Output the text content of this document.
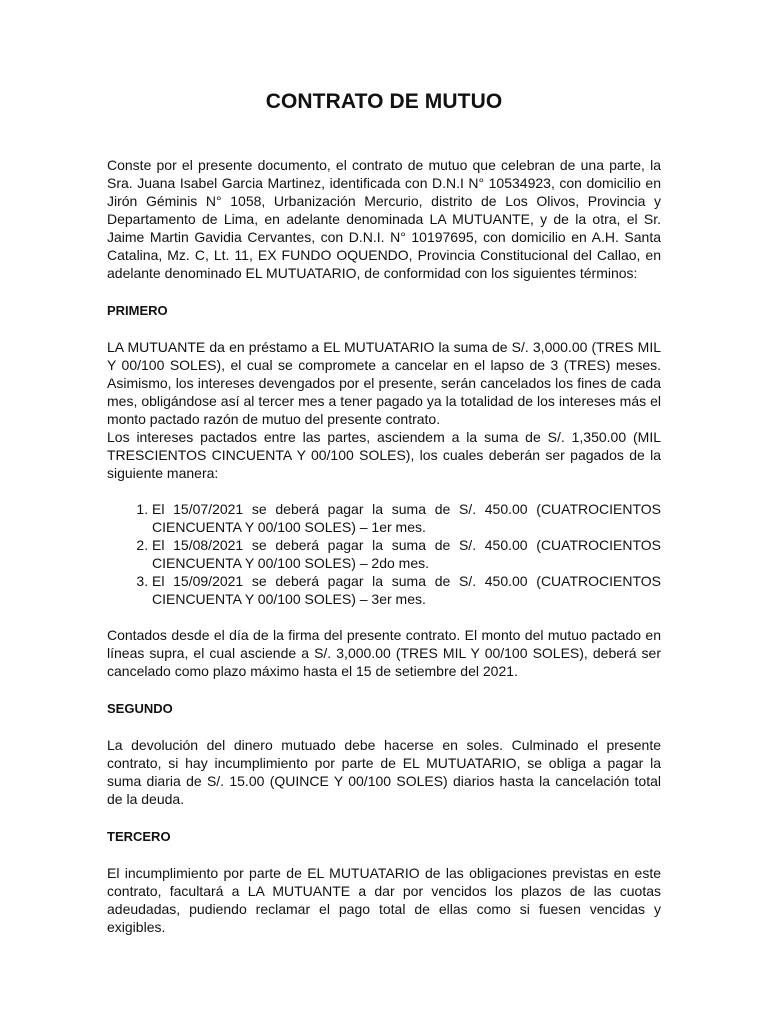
CONTRATO DE MUTUO

Conste por el presente documento, el contrato de mutuo que celebran de una parte, la Sra. Juana Isabel Garcia Martinez, identificada con D.N.I N° 10534923, con domicilio en Jirón Géminis N° 1058, Urbanización Mercurio, distrito de Los Olivos, Provincia y Departamento de Lima, en adelante denominada LA MUTUANTE, y de la otra, el Sr. Jaime Martin Gavidia Cervantes, con D.N.I. N° 10197695, con domicilio en A.H. Santa Catalina, Mz. C, Lt. 11, EX FUNDO OQUENDO, Provincia Constitucional del Callao, en adelante denominado EL MUTUATARIO, de conformidad con los siguientes términos:

PRIMERO

LA MUTUANTE da en préstamo a EL MUTUATARIO la suma de S/. 3,000.00 (TRES MIL Y 00/100 SOLES), el cual se compromete a cancelar en el lapso de 3 (TRES) meses. Asimismo, los intereses devengados por el presente, serán cancelados los fines de cada mes, obligándose así al tercer mes a tener pagado ya la totalidad de los intereses más el monto pactado razón de mutuo del presente contrato.

Los intereses pactados entre las partes, asciendem a la suma de S/. 1,350.00 (MIL TRESCIENTOS CINCUENTA Y 00/100 SOLES), los cuales deberán ser pagados de la siguiente manera:

1. El 15/07/2021 se deberá pagar la suma de S/. 450.00 (CUATROCIENTOS CIENCUENTA Y 00/100 SOLES) – 1er mes.
2. El 15/08/2021 se deberá pagar la suma de S/. 450.00 (CUATROCIENTOS CIENCUENTA Y 00/100 SOLES) – 2do mes.
3. El 15/09/2021 se deberá pagar la suma de S/. 450.00 (CUATROCIENTOS CIENCUENTA Y 00/100 SOLES) – 3er mes.

Contados desde el día de la firma del presente contrato. El monto del mutuo pactado en líneas supra, el cual asciende a S/. 3,000.00 (TRES MIL Y 00/100 SOLES), deberá ser cancelado como plazo máximo hasta el 15 de setiembre del 2021.

SEGUNDO

La devolución del dinero mutuado debe hacerse en soles. Culminado el presente contrato, si hay incumplimiento por parte de EL MUTUATARIO, se obliga a pagar la suma diaria de S/. 15.00 (QUINCE Y 00/100 SOLES) diarios hasta la cancelación total de la deuda.

TERCERO

El incumplimiento por parte de EL MUTUATARIO de las obligaciones previstas en este contrato, facultará a LA MUTUANTE a dar por vencidos los plazos de las cuotas adeudadas, pudiendo reclamar el pago total de ellas como si fuesen vencidas y exigibles.
